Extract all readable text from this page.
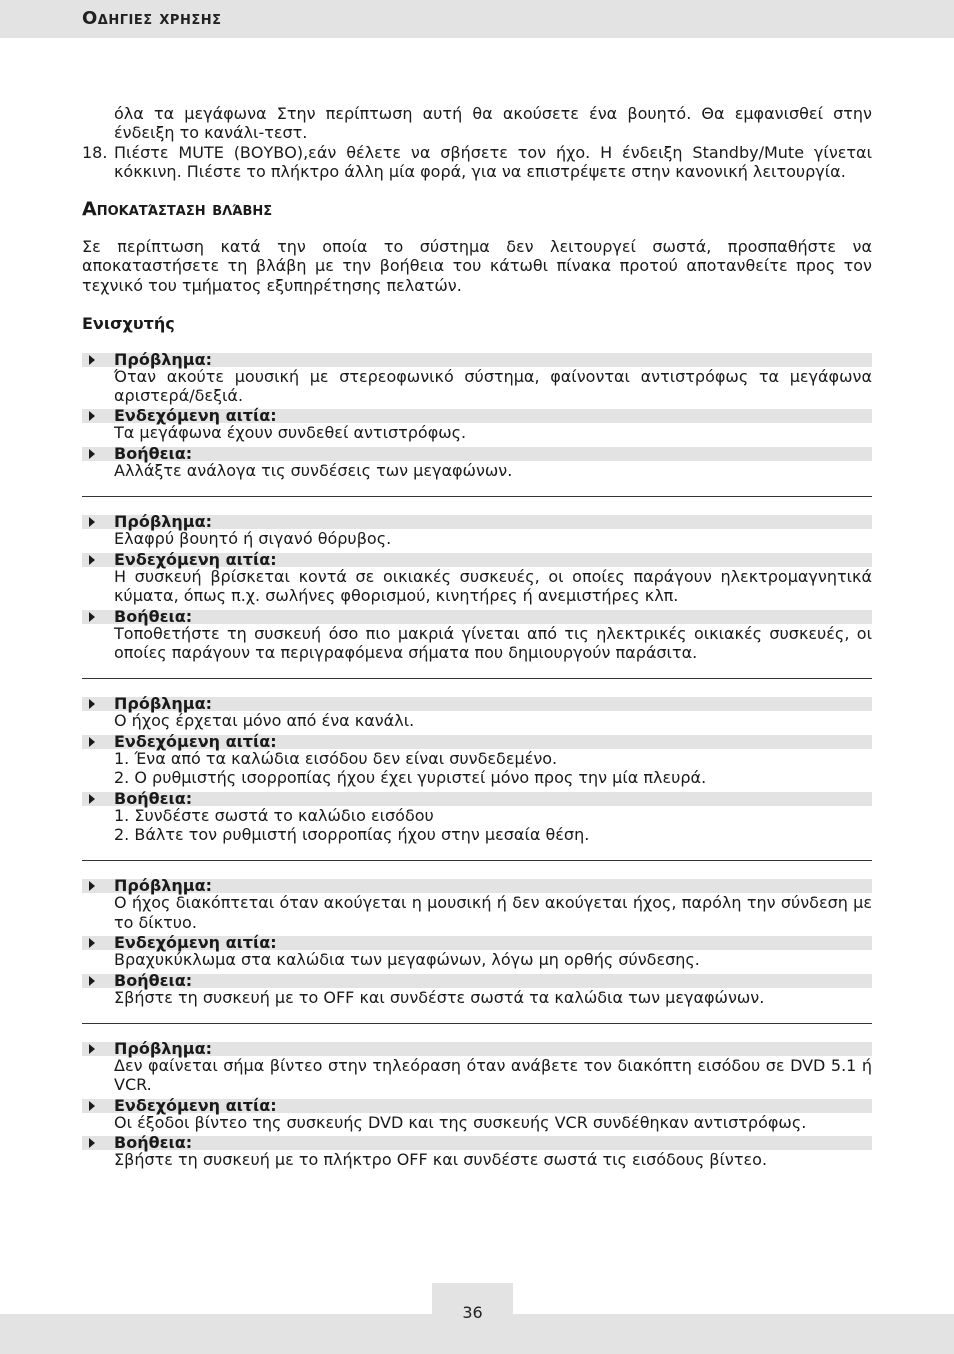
Οδηγιες χρησης
όλα τα μεγάφωνα Στην περίπτωση αυτή θα ακούσετε ένα βουητό. Θα εμφανισθεί στην ένδειξη το κανάλι-τεστ.
18. Πιέστε MUTE (ΒΟΥΒΟ),εάν θέλετε να σβήσετε τον ήχο. Η ένδειξη Standby/Mute γίνεται κόκκινη. Πιέστε το πλήκτρο άλλη μία φορά, για να επιστρέψετε στην κανονική λειτουργία.
Αποκατάσταση βλάβης
Σε περίπτωση κατά την οποία το σύστημα δεν λειτουργεί σωστά, προσπαθήστε να αποκαταστήσετε τη βλάβη με την βοήθεια του κάτωθι πίνακα προτού αποτανθείτε προς τον τεχνικό του τμήματος εξυπηρέτησης πελατών.
Ενισχυτής
Πρόβλημα:
Όταν ακούτε μουσική με στερεοφωνικό σύστημα, φαίνονται αντιστρόφως τα μεγάφωνα αριστερά/δεξιά.
Ενδεχόμενη αιτία:
Τα μεγάφωνα έχουν συνδεθεί αντιστρόφως.
Βοήθεια:
Αλλάξτε ανάλογα τις συνδέσεις των μεγαφώνων.
Πρόβλημα:
Ελαφρύ βουητό ή σιγανό θόρυβος.
Ενδεχόμενη αιτία:
Η συσκευή βρίσκεται κοντά σε οικιακές συσκευές, οι οποίες παράγουν ηλεκτρομαγνητικά κύματα, όπως π.χ. σωλήνες φθορισμού, κινητήρες ή ανεμιστήρες κλπ.
Βοήθεια:
Τοποθετήστε τη συσκευή όσο πιο μακριά γίνεται από τις ηλεκτρικές οικιακές συσκευές, οι οποίες παράγουν τα περιγραφόμενα σήματα που δημιουργούν παράσιτα.
Πρόβλημα:
Ο ήχος έρχεται μόνο από ένα κανάλι.
Ενδεχόμενη αιτία:
1. Ένα από τα καλώδια εισόδου δεν είναι συνδεδεμένο.
2. Ο ρυθμιστής ισορροπίας ήχου έχει γυριστεί μόνο προς την μία πλευρά.
Βοήθεια:
1. Συνδέστε σωστά το καλώδιο εισόδου
2. Βάλτε τον ρυθμιστή ισορροπίας ήχου στην μεσαία θέση.
Πρόβλημα:
Ο ήχος διακόπτεται όταν ακούγεται η μουσική ή δεν ακούγεται ήχος, παρόλη την σύνδεση με το δίκτυο.
Ενδεχόμενη αιτία:
Βραχυκύκλωμα στα καλώδια των μεγαφώνων, λόγω μη ορθής σύνδεσης.
Βοήθεια:
Σβήστε τη συσκευή με το OFF και συνδέστε σωστά τα καλώδια των μεγαφώνων.
Πρόβλημα:
Δεν φαίνεται σήμα βίντεο στην τηλεόραση όταν ανάβετε τον διακόπτη εισόδου σε DVD 5.1 ή VCR.
Ενδεχόμενη αιτία:
Οι έξοδοι βίντεο της συσκευής DVD και της συσκευής VCR συνδέθηκαν αντιστρόφως.
Βοήθεια:
Σβήστε τη συσκευή με το πλήκτρο OFF και συνδέστε σωστά τις εισόδους βίντεο.
36
